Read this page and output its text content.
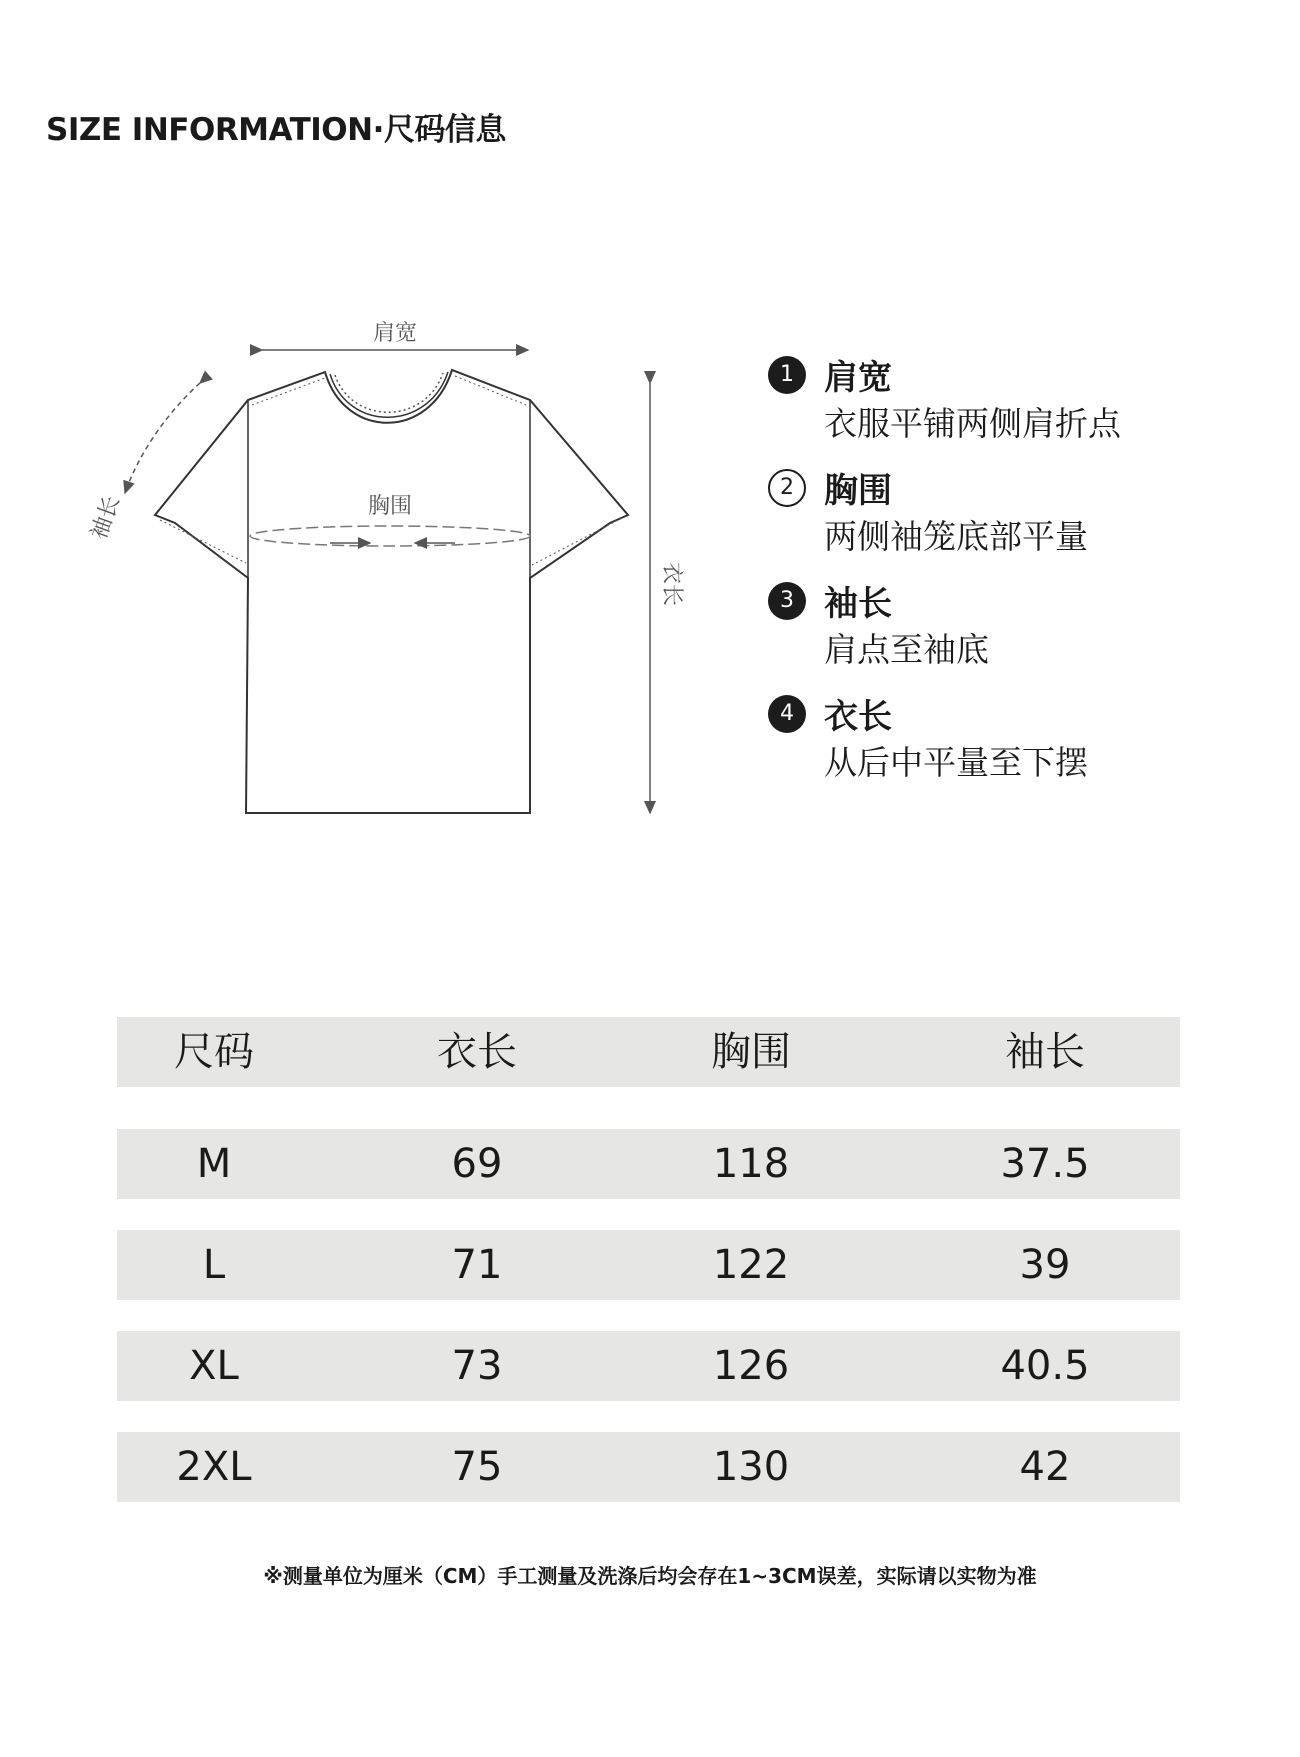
SIZE INFORMATION·尺码信息
肩宽
胸围
袖长
衣长
1 肩宽
衣服平铺两侧肩折点
2 胸围
两侧袖笼底部平量
3 袖长
肩点至袖底
4 衣长
从后中平量至下摆
尺码	衣长	胸围	袖长
M	69	118	37.5
L	71	122	39
XL	73	126	40.5
2XL	75	130	42
※测量单位为厘米（CM）手工测量及洗涤后均会存在1~3CM误差，实际请以实物为准
